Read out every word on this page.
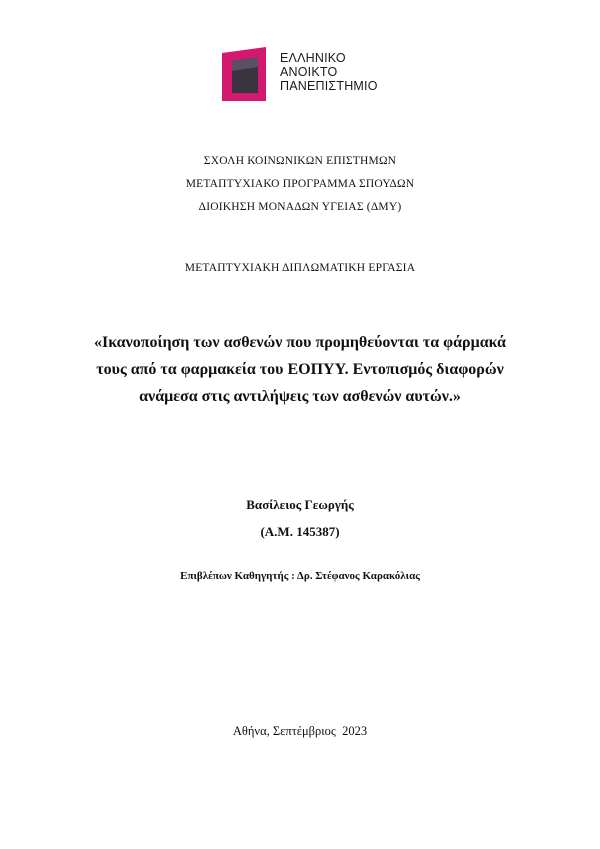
ΕΛΛΗΝΙΚΟ
ΑΝΟΙΚΤΟ
ΠΑΝΕΠΙΣΤΗΜΙΟ
ΣΧΟΛΗ ΚΟΙΝΩΝΙΚΩΝ ΕΠΙΣΤΗΜΩΝ
ΜΕΤΑΠΤΥΧΙΑΚΟ ΠΡΟΓΡΑΜΜΑ ΣΠΟΥΔΩΝ
ΔΙΟΙΚΗΣΗ ΜΟΝΑΔΩΝ ΥΓΕΙΑΣ (ΔΜΥ)
ΜΕΤΑΠΤΥΧΙΑΚΗ ΔΙΠΛΩΜΑΤΙΚΗ ΕΡΓΑΣΙΑ
«Ικανοποίηση των ασθενών που προμηθεύονται τα φάρμακά
τους από τα φαρμακεία του ΕΟΠΥΥ. Εντοπισμός διαφορών
ανάμεσα στις αντιλήψεις των ασθενών αυτών.»
Βασίλειος Γεωργής
(Α.Μ. 145387)
Επιβλέπων Καθηγητής : Δρ. Στέφανος Καρακόλιας
Αθήνα, Σεπτέμβριος  2023
